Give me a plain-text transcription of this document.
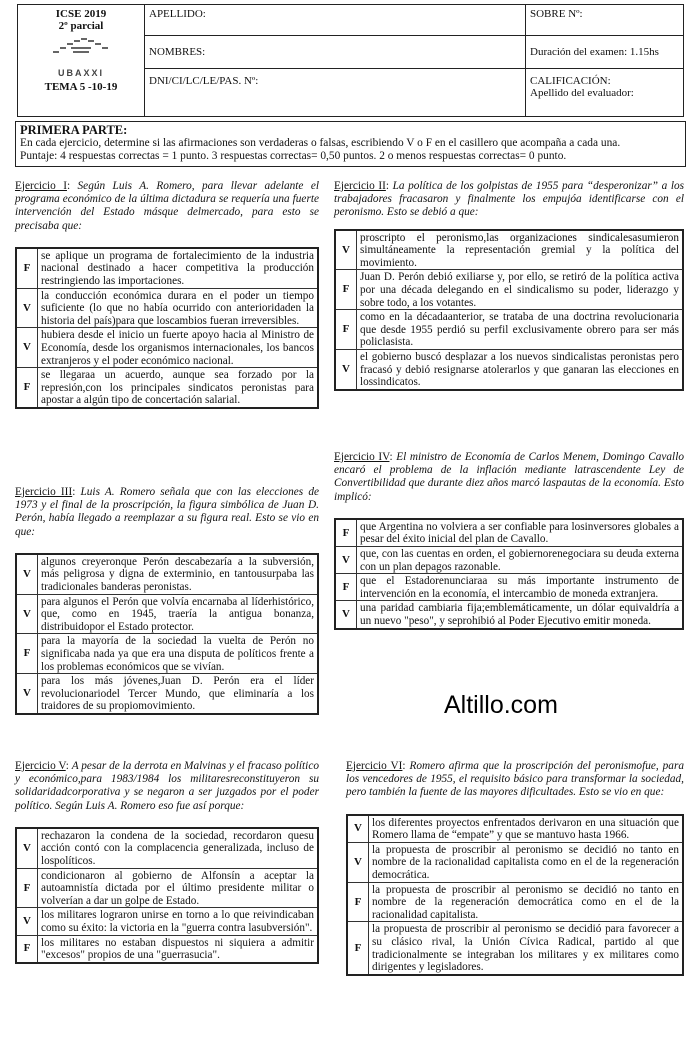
ICSE 2019
2º parcial
UBAXXI
TEMA 5 -10-19	APELLIDO:	SOBRE Nº:
	NOMBRES:	Duración del examen: 1.15hs
	DNI/CI/LC/LE/PAS. Nº:	CALIFICACIÓN:
Apellido del evaluador:
PRIMERA PARTE:
En cada ejercicio, determine si las afirmaciones son verdaderas o falsas, escribiendo V o F en el casillero que acompaña a cada una.
Puntaje: 4 respuestas correctas = 1 punto. 3 respuestas correctas= 0,50 puntos. 2 o menos respuestas correctas= 0 punto.
Ejercicio I: Según Luis A. Romero, para llevar adelante el programa económico de la última dictadura se requería una fuerte intervención del Estado másque delmercado, para esto se precisaba que:
F	se aplique un programa de fortalecimiento de la industria nacional destinado a hacer competitiva la producción restringiendo las importaciones.
V	la conducción económica durara en el poder un tiempo suficiente (lo que no había ocurrido con anterioridaden la historia del país)para que loscambios fueran irreversibles.
V	hubiera desde el inicio un fuerte apoyo hacia al Ministro de Economía, desde los organismos internacionales, los bancos extranjeros y el poder económico nacional.
F	se llegaraa un acuerdo, aunque sea forzado por la represión,con los principales sindicatos peronistas para apostar a algún tipo de concertación salarial.
Ejercicio II: La política de los golpistas de 1955 para “desperonizar” a los trabajadores fracasaron y finalmente los empujóa identificarse con el peronismo. Esto se debió a que:
V	proscripto el peronismo,las organizaciones sindicalesasumieron simultáneamente la representación gremial y la política del movimiento.
F	Juan D. Perón debió exiliarse y, por ello, se retiró de la política activa por una década delegando en el sindicalismo su poder, liderazgo y sobre todo, a los votantes.
F	como en la décadaanterior, se trataba de una doctrina revolucionaria que desde 1955 perdió su perfil exclusivamente obrero para ser más policlasista.
V	el gobierno buscó desplazar a los nuevos sindicalistas peronistas pero fracasó y debió resignarse atolerarlos y que ganaran las elecciones en lossindicatos.
Ejercicio III: Luis A. Romero señala que con las elecciones de 1973 y el final de la proscripción, la figura simbólica de Juan D. Perón, había llegado a reemplazar a su figura real. Esto se vio en que:
V	algunos creyeronque Perón descabezaría a la subversión, más peligrosa y digna de exterminio, en tantousurpaba las tradicionales banderas peronistas.
V	para algunos el Perón que volvía encarnaba al líderhistórico, que, como en 1945, traería la antigua bonanza, distribuidopor el Estado protector.
F	para la mayoría de la sociedad la vuelta de Perón no significaba nada ya que era una disputa de políticos frente a los problemas económicos que se vivían.
V	para los más jóvenes,Juan D. Perón era el líder revolucionariodel Tercer Mundo, que eliminaría a los traidores de su propiomovimiento.
Ejercicio IV: El ministro de Economía de Carlos Menem, Domingo Cavallo encaró el problema de la inflación mediante latrascendente Ley de Convertibilidad que durante diez años marcó laspautas de la economía. Esto implicó:
F	que Argentina no volviera a ser confiable para losinversores globales a pesar del éxito inicial del plan de Cavallo.
V	que, con las cuentas en orden, el gobiernorenegociara su deuda externa con un plan depagos razonable.
F	que el Estadorenunciaraa su más importante instrumento de intervención en la economía, el intercambio de moneda extranjera.
V	una paridad cambiaria fija;emblemáticamente, un dólar equivaldría a un nuevo "peso", y seprohibió al Poder Ejecutivo emitir moneda.
Altillo.com
Ejercicio V: A pesar de la derrota en Malvinas y el fracaso político y económico,para 1983/1984 los militaresreconstituyeron su solidaridadcorporativa y se negaron a ser juzgados por el poder político. Según Luis A. Romero eso fue así porque:
V	rechazaron la condena de la sociedad, recordaron quesu acción contó con la complacencia generalizada, incluso de lospolíticos.
F	condicionaron al gobierno de Alfonsín a aceptar la autoamnistía dictada por el último presidente militar o volverían a dar un golpe de Estado.
V	los militares lograron unirse en torno a lo que reivindicaban como su éxito: la victoria en la "guerra contra lasubversión".
F	los militares no estaban dispuestos ni siquiera a admitir "excesos" propios de una "guerrasucia".
Ejercicio VI: Romero afirma que la proscripción del peronismofue, para los vencedores de 1955, el requisito básico para transformar la sociedad, pero también la fuente de las mayores dificultades. Esto se vio en que:
V	los diferentes proyectos enfrentados derivaron en una situación que Romero llama de “empate” y que se mantuvo hasta 1966.
V	la propuesta de proscribir al peronismo se decidió no tanto en nombre de la racionalidad capitalista como en el de la regeneración democrática.
F	la propuesta de proscribir al peronismo se decidió no tanto en nombre de la regeneración democrática como en el de la racionalidad capitalista.
F	la propuesta de proscribir al peronismo se decidió para favorecer a su clásico rival, la Unión Cívica Radical, partido al que tradicionalmente se integraban los militares y ex militares como dirigentes y legisladores.
